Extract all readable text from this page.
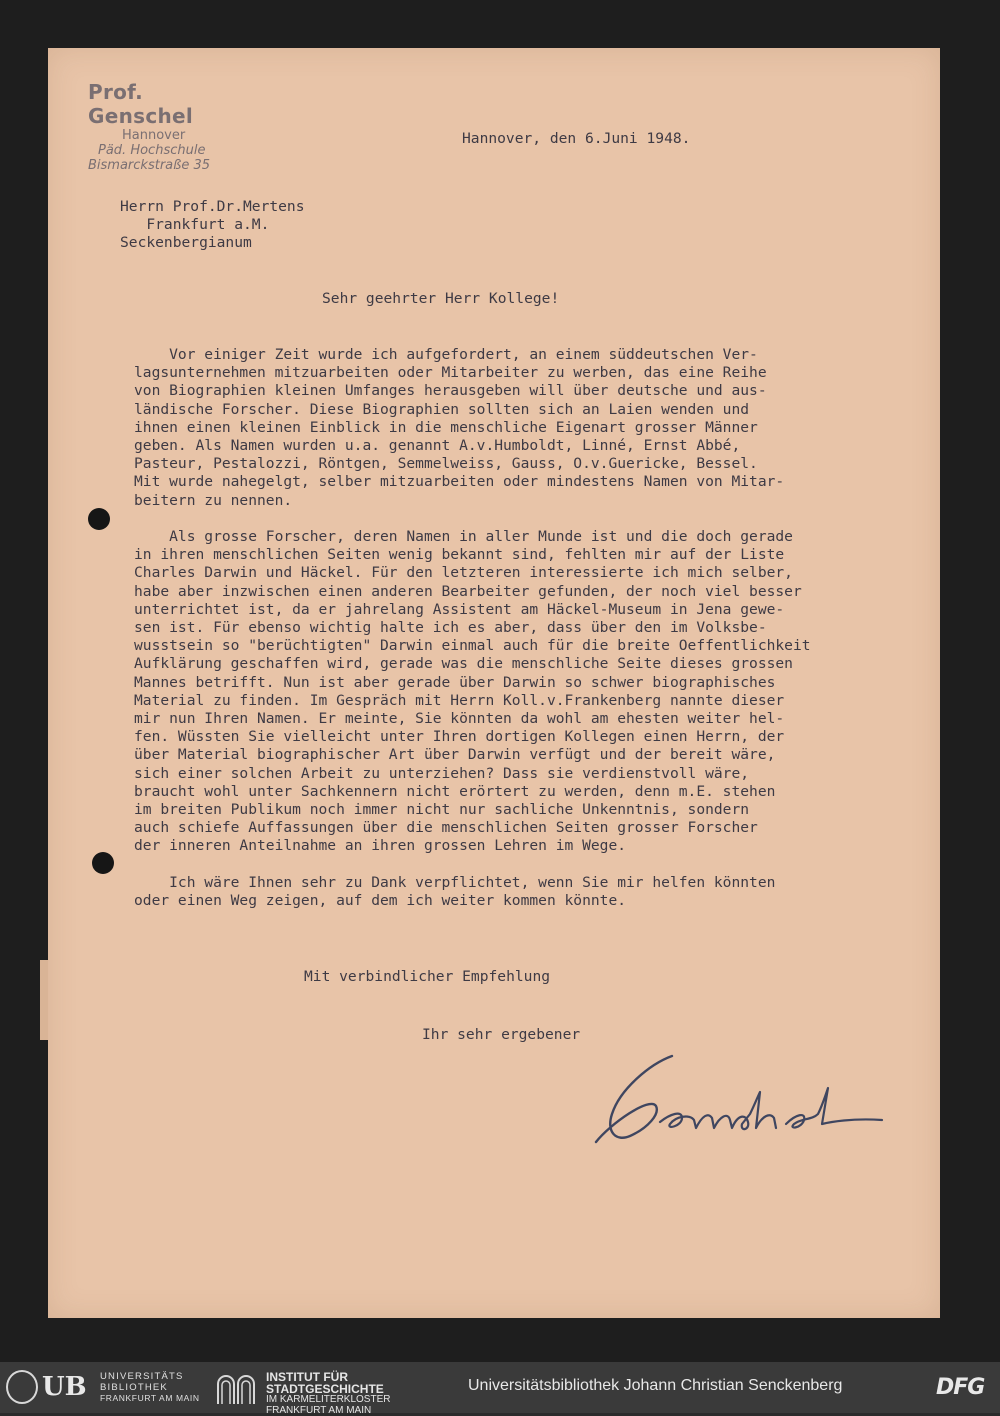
Prof. Genschel
Hannover
Päd. Hochschule
Bismarckstraße 35
Hannover, den 6.Juni 1948.
Herrn Prof.Dr.Mertens
Frankfurt a.M.
Seckenbergianum
Sehr geehrter Herr Kollege!
Vor einiger Zeit wurde ich aufgefordert, an einem süddeutschen Ver-
lagsunternehmen mitzuarbeiten oder Mitarbeiter zu werben, das eine Reihe
von Biographien kleinen Umfanges herausgeben will über deutsche und aus-
ländische Forscher. Diese Biographien sollten sich an Laien wenden und
ihnen einen kleinen Einblick in die menschliche Eigenart grosser Männer
geben. Als Namen wurden u.a. genannt A.v.Humboldt, Linné, Ernst Abbé,
Pasteur, Pestalozzi, Röntgen, Semmelweiss, Gauss, O.v.Guericke, Bessel.
Mit wurde nahegelgt, selber mitzuarbeiten oder mindestens Namen von Mitar-
beitern zu nennen.

Als grosse Forscher, deren Namen in aller Munde ist und die doch gerade
in ihren menschlichen Seiten wenig bekannt sind, fehlten mir auf der Liste
Charles Darwin und Häckel. Für den letzteren interessierte ich mich selber,
habe aber inzwischen einen anderen Bearbeiter gefunden, der noch viel besser
unterrichtet ist, da er jahrelang Assistent am Häckel-Museum in Jena gewe-
sen ist. Für ebenso wichtig halte ich es aber, dass über den im Volksbe-
wusstsein so "berüchtigten" Darwin einmal auch für die breite Oeffentlichkeit
Aufklärung geschaffen wird, gerade was die menschliche Seite dieses grossen
Mannes betrifft. Nun ist aber gerade über Darwin so schwer biographisches
Material zu finden. Im Gespräch mit Herrn Koll.v.Frankenberg nannte dieser
mir nun Ihren Namen. Er meinte, Sie könnten da wohl am ehesten weiter hel-
fen. Wüssten Sie vielleicht unter Ihren dortigen Kollegen einen Herrn, der
über Material biographischer Art über Darwin verfügt und der bereit wäre,
sich einer solchen Arbeit zu unterziehen? Dass sie verdienstvoll wäre,
braucht wohl unter Sachkennern nicht erörtert zu werden, denn m.E. stehen
im breiten Publikum noch immer nicht nur sachliche Unkenntnis, sondern
auch schiefe Auffassungen über die menschlichen Seiten grosser Forscher
der inneren Anteilnahme an ihren grossen Lehren im Wege.

Ich wäre Ihnen sehr zu Dank verpflichtet, wenn Sie mir helfen könnten
oder einen Weg zeigen, auf dem ich weiter kommen könnte.
Mit verbindlicher Empfehlung
Ihr sehr ergebener
UB UNIVERSITÄTS
BIBLIOTHEK
FRANKFURT AM MAIN
INSTITUT FÜR
STADTGESCHICHTE
IM KARMELITERKLOSTER
FRANKFURT AM MAIN
Universitätsbibliothek Johann Christian Senckenberg	DFG
